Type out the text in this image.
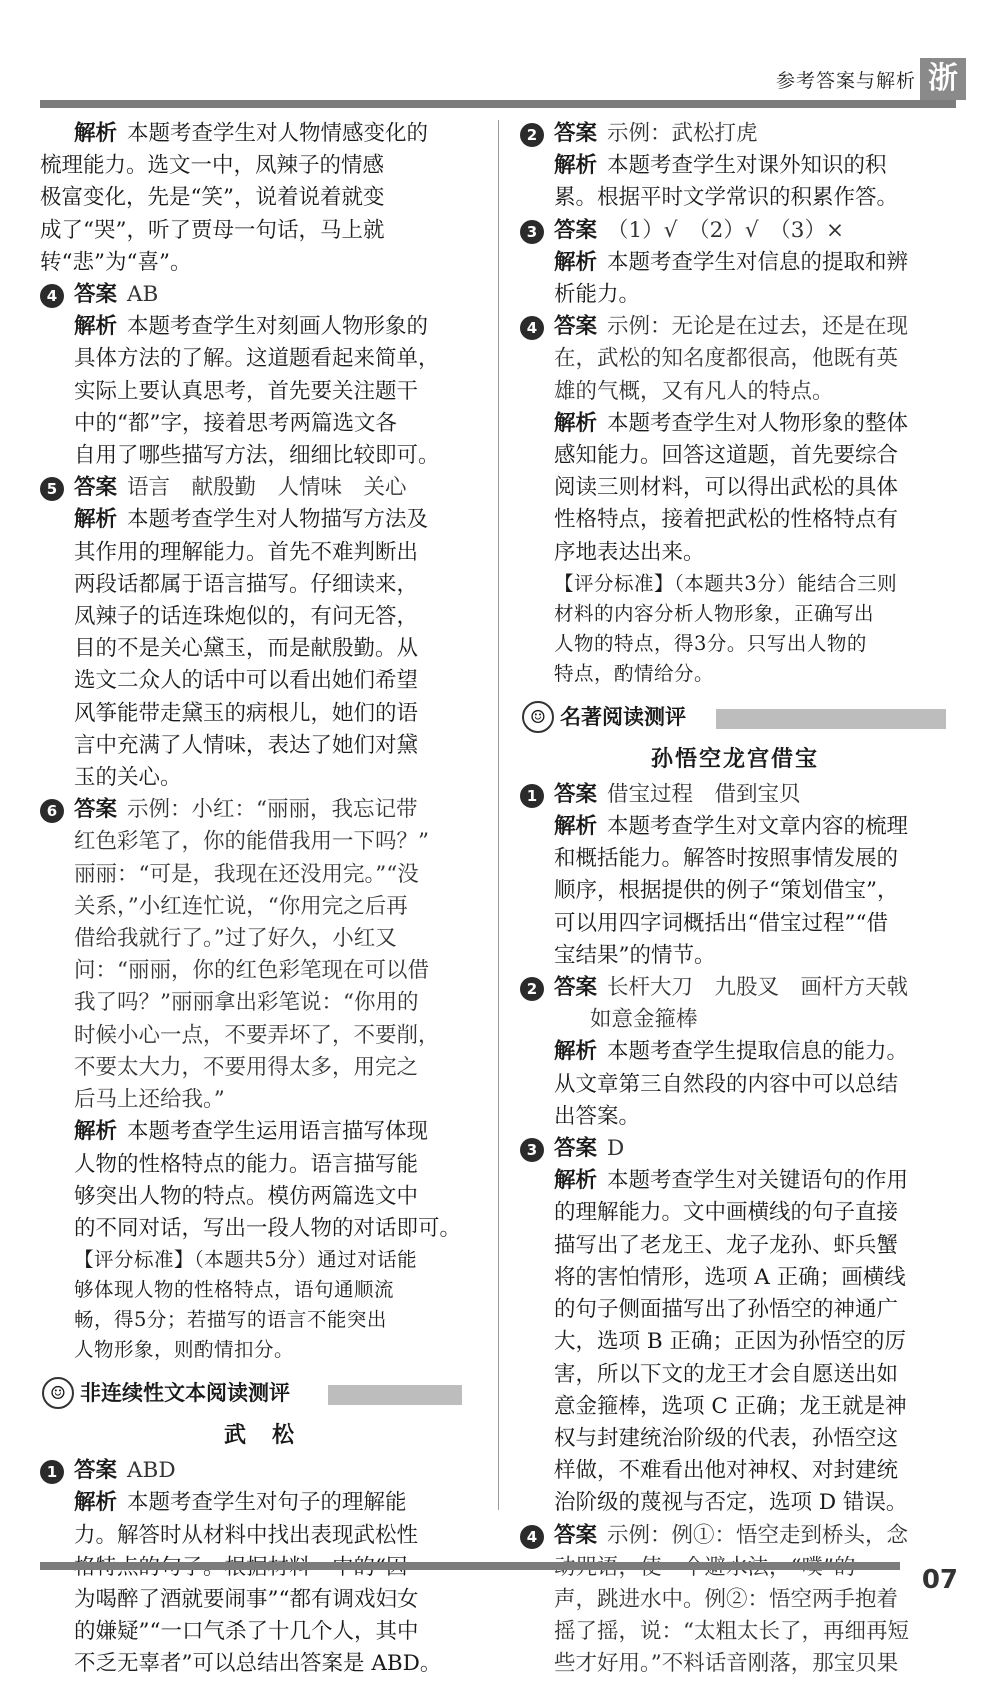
参考答案与解析 浙
解析 本题考查学生对人物情感变化的
梳理能力。选文一中，凤辣子的情感
极富变化，先是“笑”，说着说着就变
成了“哭”，听了贾母一句话，马上就
转“悲”为“喜”。
4 答案 AB
解析 本题考查学生对刻画人物形象的
具体方法的了解。这道题看起来简单，
实际上要认真思考，首先要关注题干
中的“都”字，接着思考两篇选文各
自用了哪些描写方法，细细比较即可。
5 答案 语言　献殷勤　人情味　关心
解析 本题考查学生对人物描写方法及
其作用的理解能力。首先不难判断出
两段话都属于语言描写。仔细读来，
凤辣子的话连珠炮似的，有问无答，
目的不是关心黛玉，而是献殷勤。从
选文二众人的话中可以看出她们希望
风筝能带走黛玉的病根儿，她们的语
言中充满了人情味，表达了她们对黛
玉的关心。
6 答案 示例：小红：“丽丽，我忘记带
红色彩笔了，你的能借我用一下吗？”
丽丽：“可是，我现在还没用完。”“没
关系，”小红连忙说，“你用完之后再
借给我就行了。”过了好久，小红又
问：“丽丽，你的红色彩笔现在可以借
我了吗？”丽丽拿出彩笔说：“你用的
时候小心一点，不要弄坏了，不要削，
不要太大力，不要用得太多，用完之
后马上还给我。”
解析 本题考查学生运用语言描写体现
人物的性格特点的能力。语言描写能
够突出人物的特点。模仿两篇选文中
的不同对话，写出一段人物的对话即可。
【评分标准】（本题共5分）通过对话能
够体现人物的性格特点，语句通顺流
畅，得5分；若描写的语言不能突出
人物形象，则酌情扣分。
☺ 非连续性文本阅读测评
武　松
1 答案 ABD
解析 本题考查学生对句子的理解能
力。解答时从材料中找出表现武松性
为喝醉了酒就要闹事”“都有调戏妇女
的嫌疑”“一口气杀了十几个人，其中
不乏无辜者”可以总结出答案是 ABD。
2 答案 示例：武松打虎
解析 本题考查学生对课外知识的积
累。根据平时文学常识的积累作答。
3 答案 （1）√　（2）√　（3）×
解析 本题考查学生对信息的提取和辨
析能力。
4 答案 示例：无论是在过去，还是在现
在，武松的知名度都很高，他既有英
雄的气概，又有凡人的特点。
解析 本题考查学生对人物形象的整体
感知能力。回答这道题，首先要综合
阅读三则材料，可以得出武松的具体
性格特点，接着把武松的性格特点有
序地表达出来。
【评分标准】（本题共3分）能结合三则
材料的内容分析人物形象，正确写出
人物的特点，得3分。只写出人物的
特点，酌情给分。
☺ 名著阅读测评
孙悟空龙宫借宝
1 答案 借宝过程　借到宝贝
解析 本题考查学生对文章内容的梳理
和概括能力。解答时按照事情发展的
顺序，根据提供的例子“策划借宝”，
可以用四字词概括出“借宝过程”“借
宝结果”的情节。
2 答案 长杆大刀　九股叉　画杆方天戟
如意金箍棒
解析 本题考查学生提取信息的能力。
从文章第三自然段的内容中可以总结
出答案。
3 答案 D
解析 本题考查学生对关键语句的作用
的理解能力。文中画横线的句子直接
描写出了老龙王、龙子龙孙、虾兵蟹
将的害怕情形，选项 A 正确；画横线
的句子侧面描写出了孙悟空的神通广
大，选项 B 正确；正因为孙悟空的厉
害，所以下文的龙王才会自愿送出如
意金箍棒，选项 C 正确；龙王就是神
权与封建统治阶级的代表，孙悟空这
样做，不难看出他对神权、对封建统
治阶级的蔑视与否定，选项 D 错误。
4 答案 示例：例①：悟空走到桥头，念
声，跳进水中。例②：悟空两手抱着
摇了摇，说：“太粗太长了，再细再短
些才好用。”不料话音刚落，那宝贝果
07
